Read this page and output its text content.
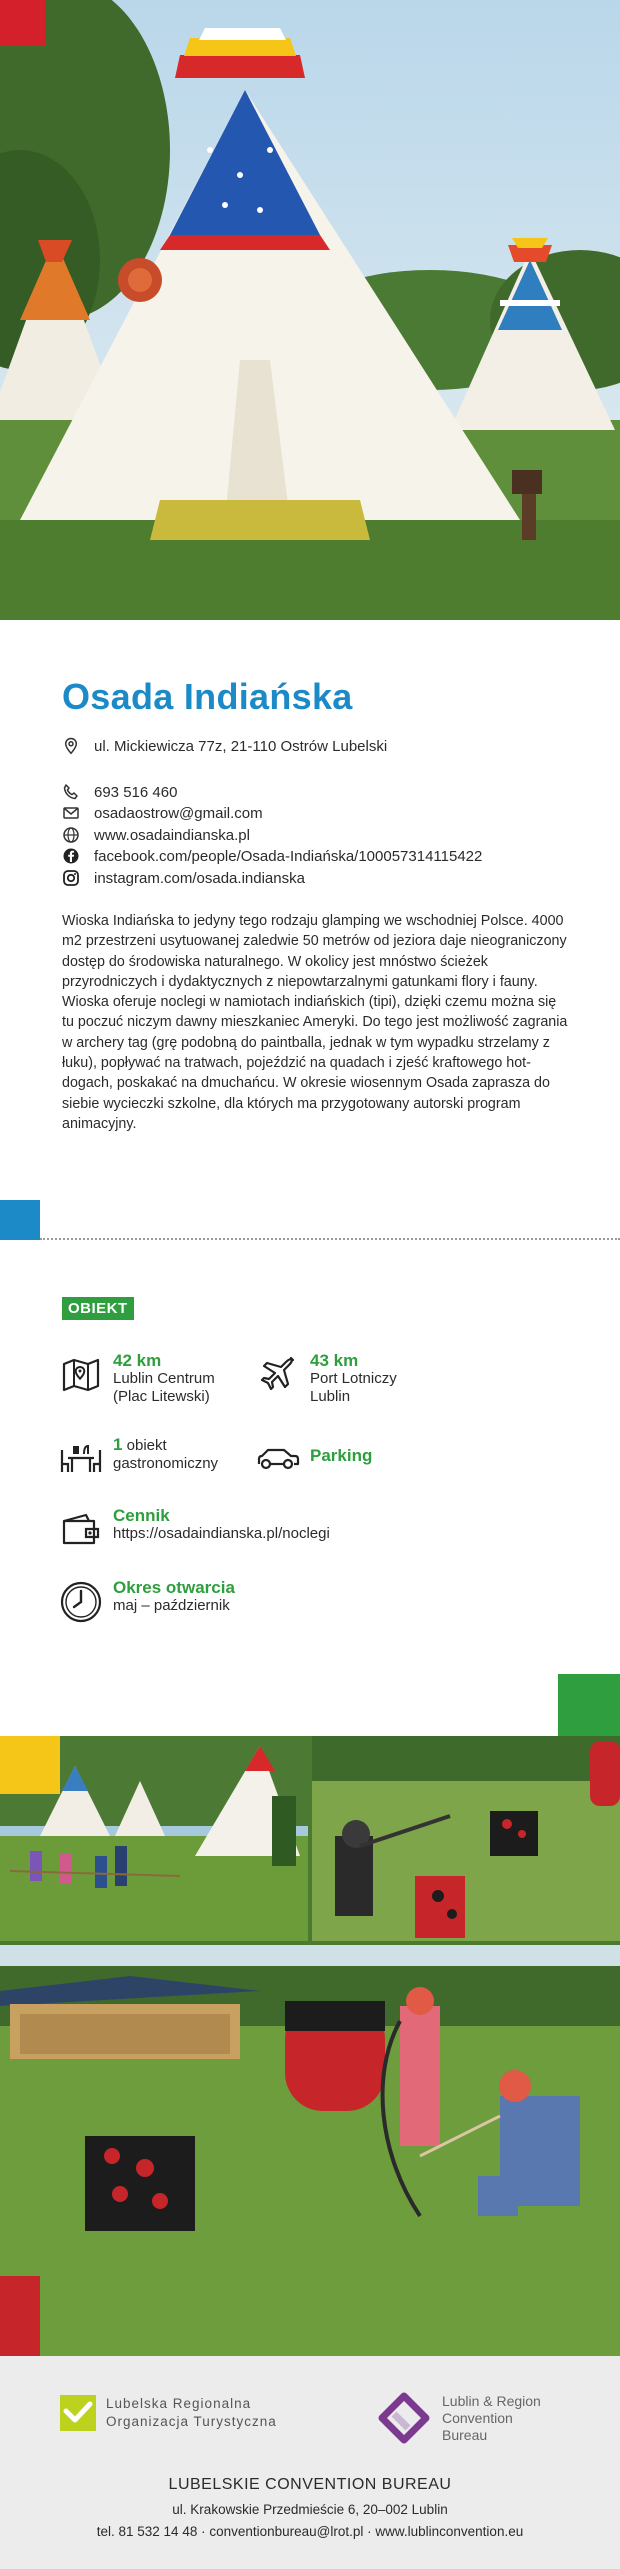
Osada Indiańska
ul. Mickiewicza 77z, 21-110 Ostrów Lubelski
693 516 460
osadaostrow@gmail.com
www.osadaindianska.pl
facebook.com/people/Osada-Indiańska/100057314115422
instagram.com/osada.indianska

Wioska Indiańska to jedyny tego rodzaju glamping we wschodniej Polsce. 4000 m2 przestrzeni usytuowanej zaledwie 50 metrów od jeziora daje nieograniczony dostęp do środowiska naturalnego. W okolicy jest mnóstwo ścieżek przyrodniczych i dydaktycznych z niepowtarzalnymi gatunkami flory i fauny. Wioska oferuje noclegi w namiotach indiańskich (tipi), dzięki czemu można się tu poczuć niczym dawny mieszkaniec Ameryki. Do tego jest możliwość zagrania w archery tag (grę podobną do paintballa, jednak w tym wypadku strzelamy z łuku), popływać na tratwach, pojeździć na quadach i zjeść kraftowego hot-dogach, poskakać na dmuchańcu. W okresie wiosennym Osada zaprasza do siebie wycieczki szkolne, dla których ma przygotowany autorski program animacyjny.

OBIEKT
42 km
Lublin Centrum
(Plac Litewski)
43 km
Port Lotniczy
Lublin
1 obiekt
gastronomiczny	Parking
Cennik
https://osadaindianska.pl/noclegi
Okres otwarcia
maj – październik
Lubelska Regionalna
Organizacja Turystyczna
Lublin & Region
Convention
Bureau
LUBELSKIE CONVENTION BUREAU
ul. Krakowskie Przedmieście 6, 20–002 Lublin
tel. 81 532 14 48 · conventionbureau@lrot.pl · www.lublinconvention.eu
